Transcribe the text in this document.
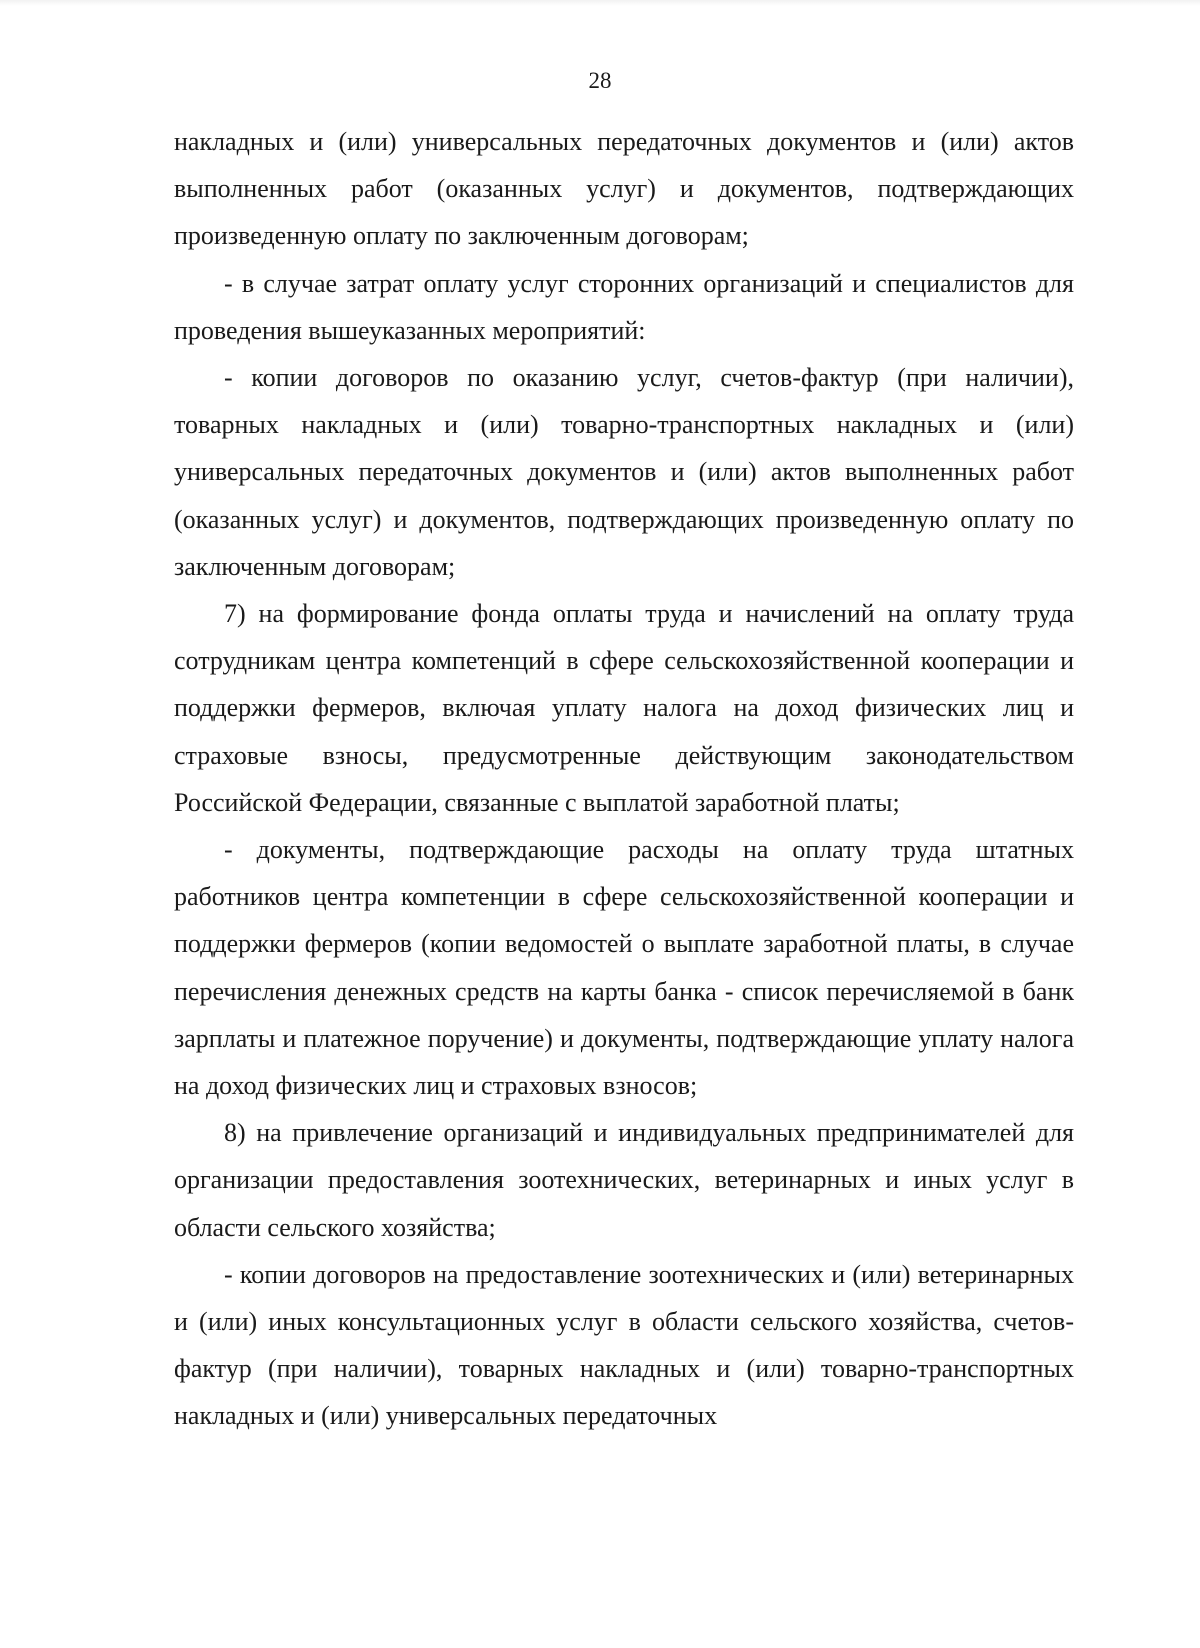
28

накладных и (или) универсальных передаточных документов и (или) актов выполненных работ (оказанных услуг) и документов, подтверждающих произведенную оплату по заключенным договорам;

- в случае затрат оплату услуг сторонних организаций и специалистов для проведения вышеуказанных мероприятий:

- копии договоров по оказанию услуг, счетов-фактур (при наличии), товарных накладных и (или) товарно-транспортных накладных и (или) универсальных передаточных документов и (или) актов выполненных работ (оказанных услуг) и документов, подтверждающих произведенную оплату по заключенным договорам;

7) на формирование фонда оплаты труда и начислений на оплату труда сотрудникам центра компетенций в сфере сельскохозяйственной кооперации и поддержки фермеров, включая уплату налога на доход физических лиц и страховые взносы, предусмотренные действующим законодательством Российской Федерации, связанные с выплатой заработной платы;

- документы, подтверждающие расходы на оплату труда штатных работников центра компетенции в сфере сельскохозяйственной кооперации и поддержки фермеров (копии ведомостей о выплате заработной платы, в случае перечисления денежных средств на карты банка - список перечисляемой в банк зарплаты и платежное поручение) и документы, подтверждающие уплату налога на доход физических лиц и страховых взносов;

8) на привлечение организаций и индивидуальных предпринимателей для организации предоставления зоотехнических, ветеринарных и иных услуг в области сельского хозяйства;

- копии договоров на предоставление зоотехнических и (или) ветеринарных и (или) иных консультационных услуг в области сельского хозяйства, счетов-фактур (при наличии), товарных накладных и (или) товарно-транспортных накладных и (или) универсальных передаточных
